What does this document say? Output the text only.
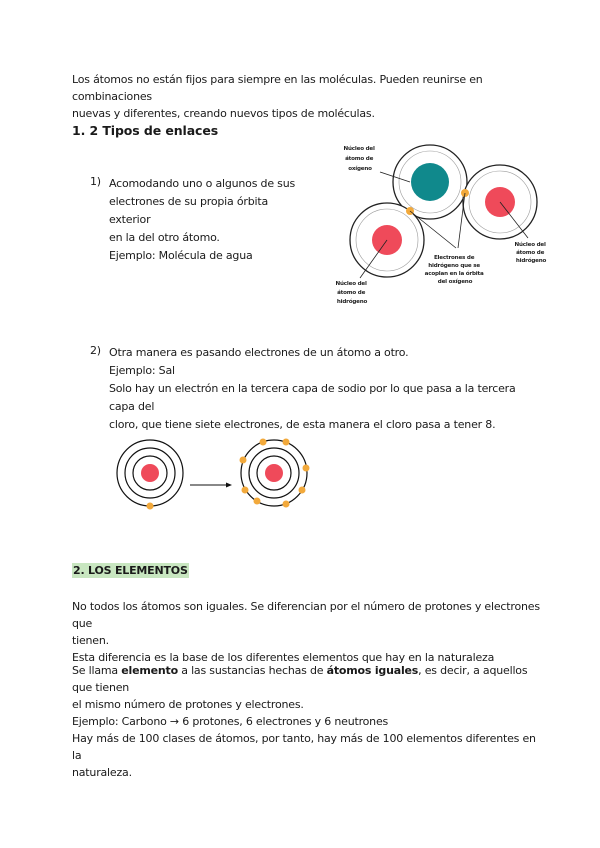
Los átomos no están fijos para siempre en las moléculas. Pueden reunirse en combinaciones
nuevas y diferentes, creando nuevos tipos de moléculas.

1. 2 Tipos de enlaces

1) Acomodando uno o algunos de sus
electrones de su propia órbita exterior
en la del otro átomo.
Ejemplo: Molécula de agua
Núcleo del átomo de oxígeno
Núcleo del átomo de hidrógeno
Núcleo del átomo de hidrógeno
Electrones de hidrógeno que se acoplan en la órbita del oxígeno
2) Otra manera es pasando electrones de un átomo a otro.
Ejemplo: Sal
Solo hay un electrón en la tercera capa de sodio por lo que pasa a la tercera capa del
cloro, que tiene siete electrones, de esta manera el cloro pasa a tener 8.

2. LOS ELEMENTOS

No todos los átomos son iguales. Se diferencian por el número de protones y electrones que
tienen.
Esta diferencia es la base de los diferentes elementos que hay en la naturaleza

Se llama elemento a las sustancias hechas de átomos iguales, es decir, a aquellos que tienen
el mismo número de protones y electrones.
Ejemplo: Carbono → 6 protones, 6 electrones y 6 neutrones
Hay más de 100 clases de átomos, por tanto, hay más de 100 elementos diferentes en la
naturaleza.
